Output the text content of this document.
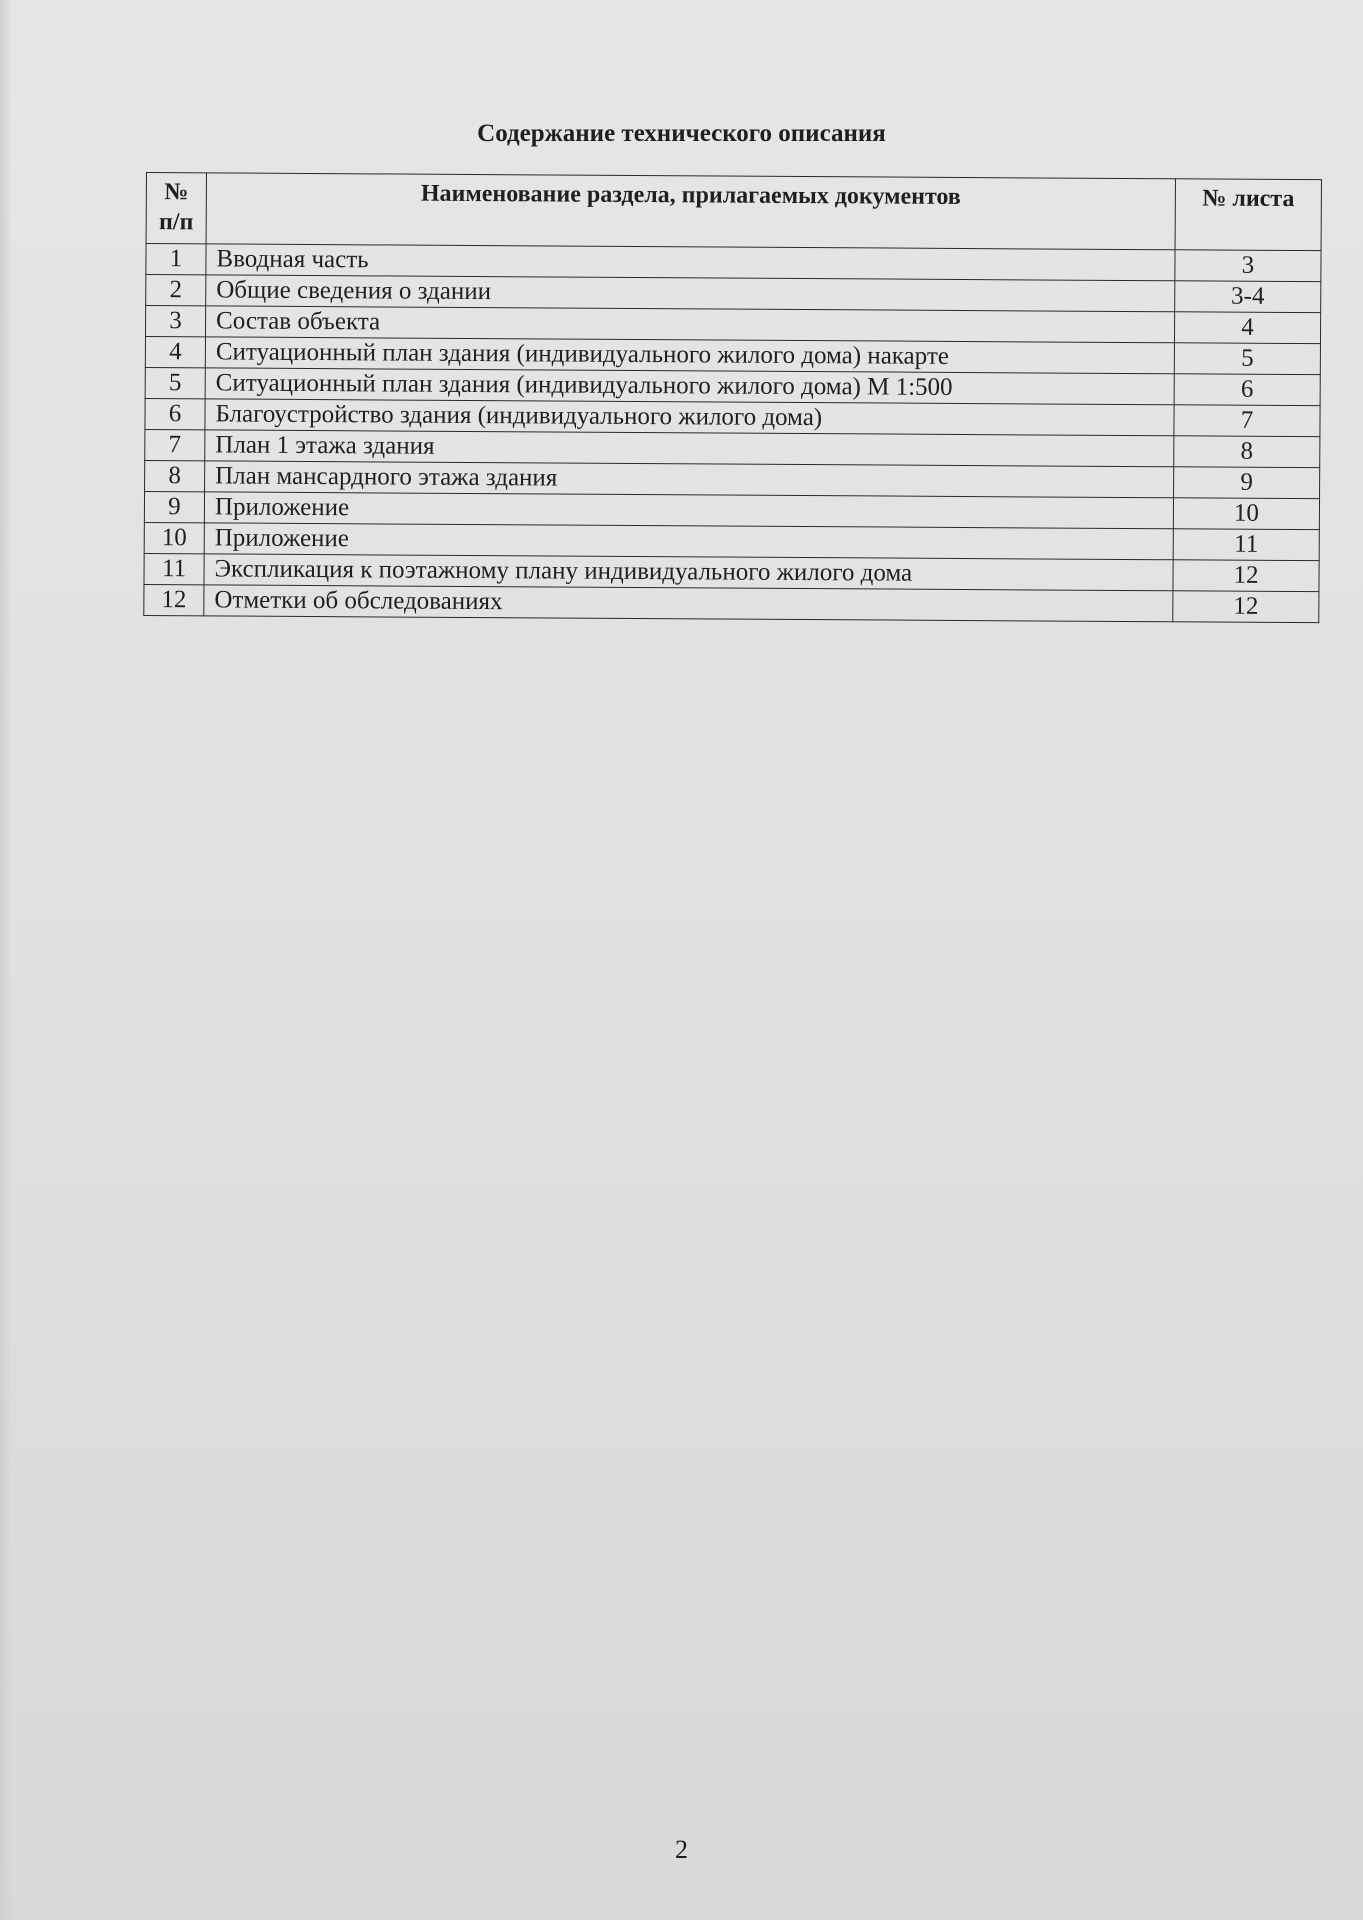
Содержание технического описания
№ п/п	Наименование раздела, прилагаемых документов	№ листа
1	Вводная часть	3
2	Общие сведения о здании	3-4
3	Состав объекта	4
4	Ситуационный план здания (индивидуального жилого дома) накарте	5
5	Ситуационный план здания (индивидуального жилого дома) М 1:500	6
6	Благоустройство здания (индивидуального жилого дома)	7
7	План 1 этажа здания	8
8	План мансардного этажа здания	9
9	Приложение	10
10	Приложение	11
11	Экспликация к поэтажному плану индивидуального жилого дома	12
12	Отметки об обследованиях	12
2
